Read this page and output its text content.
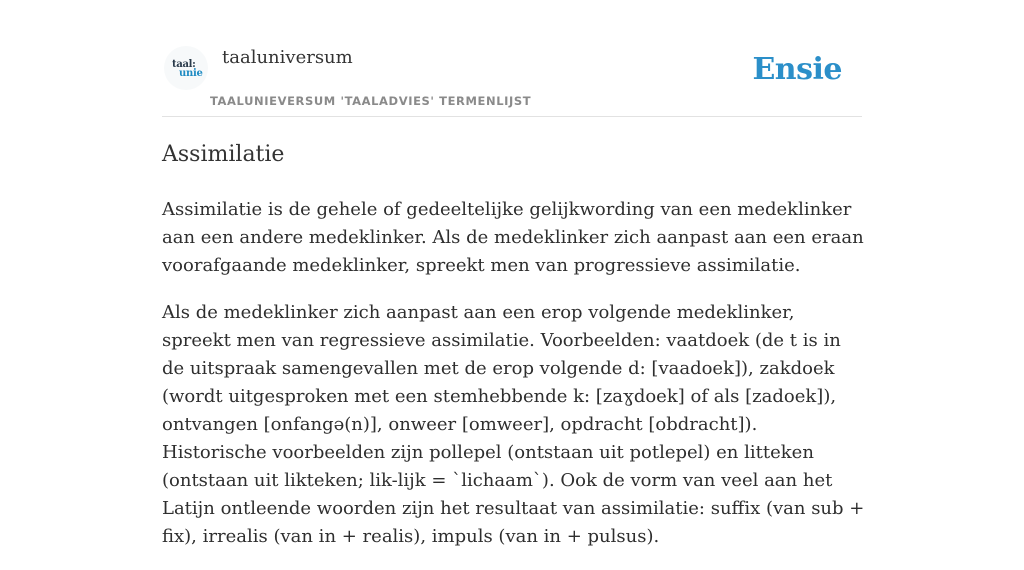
taal:
unie
taaluniversum
TAALUNIEVERSUM 'TAALADVIES' TERMENLIJST
Ensie
Assimilatie

Assimilatie is de gehele of gedeeltelijke gelijkwording van een medeklinker aan een andere medeklinker. Als de medeklinker zich aanpast aan een eraan voorafgaande medeklinker, spreekt men van progressieve assimilatie.

Als de medeklinker zich aanpast aan een erop volgende medeklinker, spreekt men van regressieve assimilatie. Voorbeelden: vaatdoek (de t is in de uitspraak samengevallen met de erop volgende d: [vaadoek]), zakdoek (wordt uitgesproken met een stemhebbende k: [zaɣdoek] of als [zadoek]), ontvangen [onfangə(n)], onweer [omweer], opdracht [obdracht]). Historische voorbeelden zijn pollepel (ontstaan uit potlepel) en litteken (ontstaan uit likteken; lik-lijk = `lichaam`). Ook de vorm van veel aan het Latijn ontleende woorden zijn het resultaat van assimilatie: suffix (van sub + fix), irrealis (van in + realis), impuls (van in + pulsus).
